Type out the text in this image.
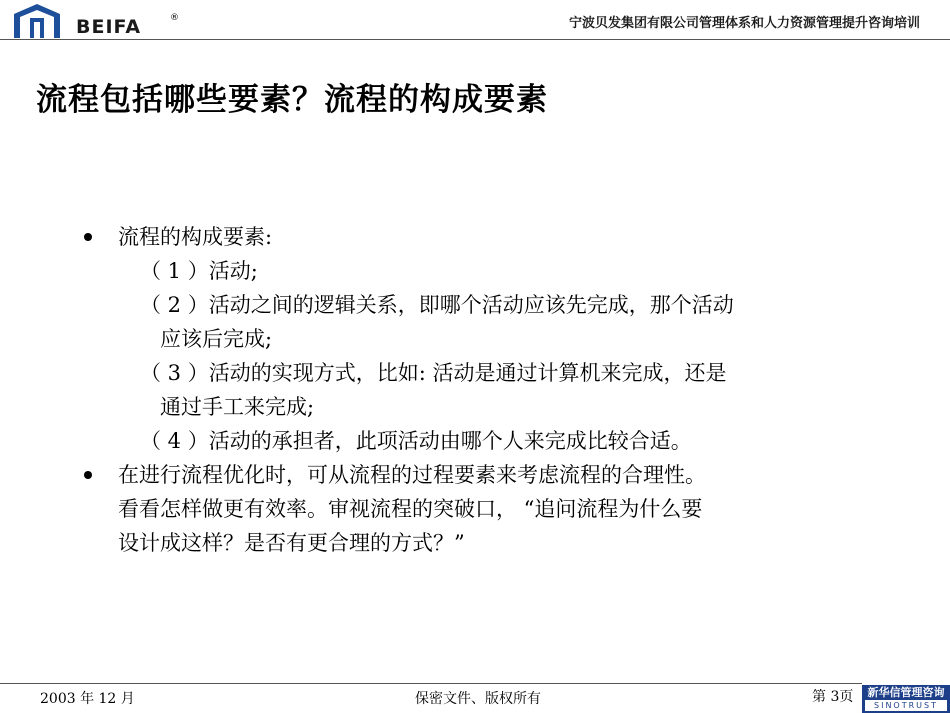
BEIFA	®	宁波贝发集团有限公司管理体系和人力资源管理提升咨询培训
流程包括哪些要素？流程的构成要素
流程的构成要素:
（ 1 ）活动;
（ 2 ）活动之间的逻辑关系，即哪个活动应该先完成，那个活动
应该后完成;
（ 3 ）活动的实现方式，比如: 活动是通过计算机来完成，还是
通过手工来完成;
（ 4 ）活动的承担者，此项活动由哪个人来完成比较合适。
在进行流程优化时，可从流程的过程要素来考虑流程的合理性。
看看怎样做更有效率。审视流程的突破口， “追问流程为什么要
设计成这样？是否有更合理的方式？”
2003 年 12 月	保密文件、版权所有	第 3页	新华信管理咨询
SINOTRUST
